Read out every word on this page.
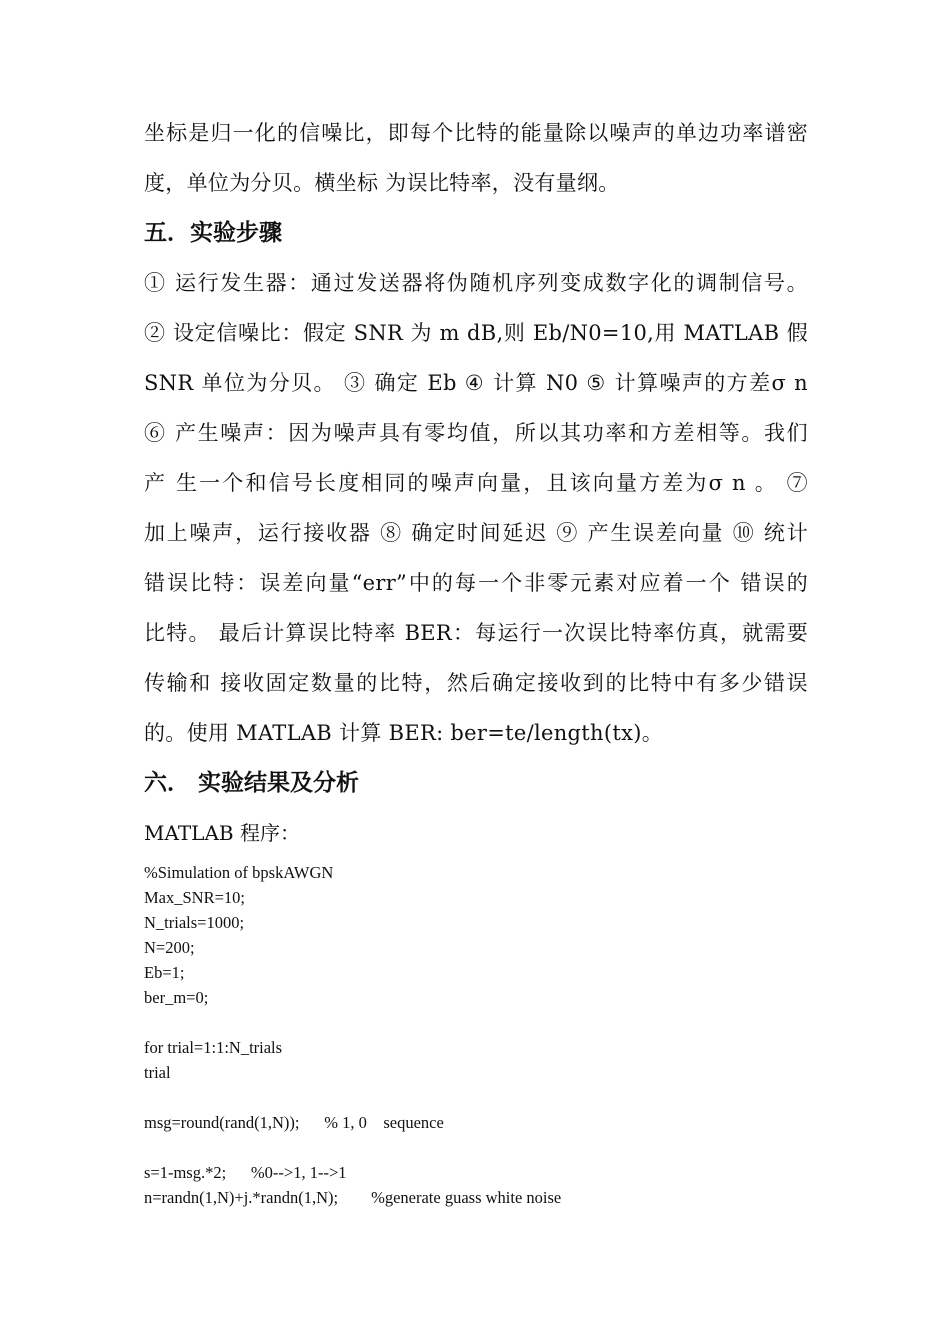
坐标是归一化的信噪比，即每个比特的能量除以噪声的单边功率谱密
度，单位为分贝。横坐标 为误比特率，没有量纲。
五．实验步骤
① 运行发生器：通过发送器将伪随机序列变成数字化的调制信号。
② 设定信噪比：假定 SNR 为 m dB,则 Eb/N0=10,用 MATLAB 假
SNR 单位为分贝。 ③ 确定 Eb ④ 计算 N0 ⑤ 计算噪声的方差σ n
⑥ 产生噪声：因为噪声具有零均值，所以其功率和方差相等。我们
产 生一个和信号长度相同的噪声向量，且该向量方差为σ n 。 ⑦
加上噪声，运行接收器 ⑧ 确定时间延迟 ⑨ 产生误差向量 ⑩ 统计
错误比特：误差向量“err”中的每一个非零元素对应着一个 错误的
比特。 最后计算误比特率 BER：每运行一次误比特率仿真，就需要
传输和 接收固定数量的比特，然后确定接收到的比特中有多少错误
的。使用 MATLAB 计算 BER: ber=te/length(tx)。
六． 实验结果及分析
MATLAB 程序：
%Simulation of bpskAWGN
Max_SNR=10;
N_trials=1000;
N=200;
Eb=1;
ber_m=0;
for trial=1:1:N_trials
trial
msg=round(rand(1,N));      % 1, 0    sequence
s=1-msg.*2;      %0-->1, 1-->1
n=randn(1,N)+j.*randn(1,N);        %generate guass white noise
